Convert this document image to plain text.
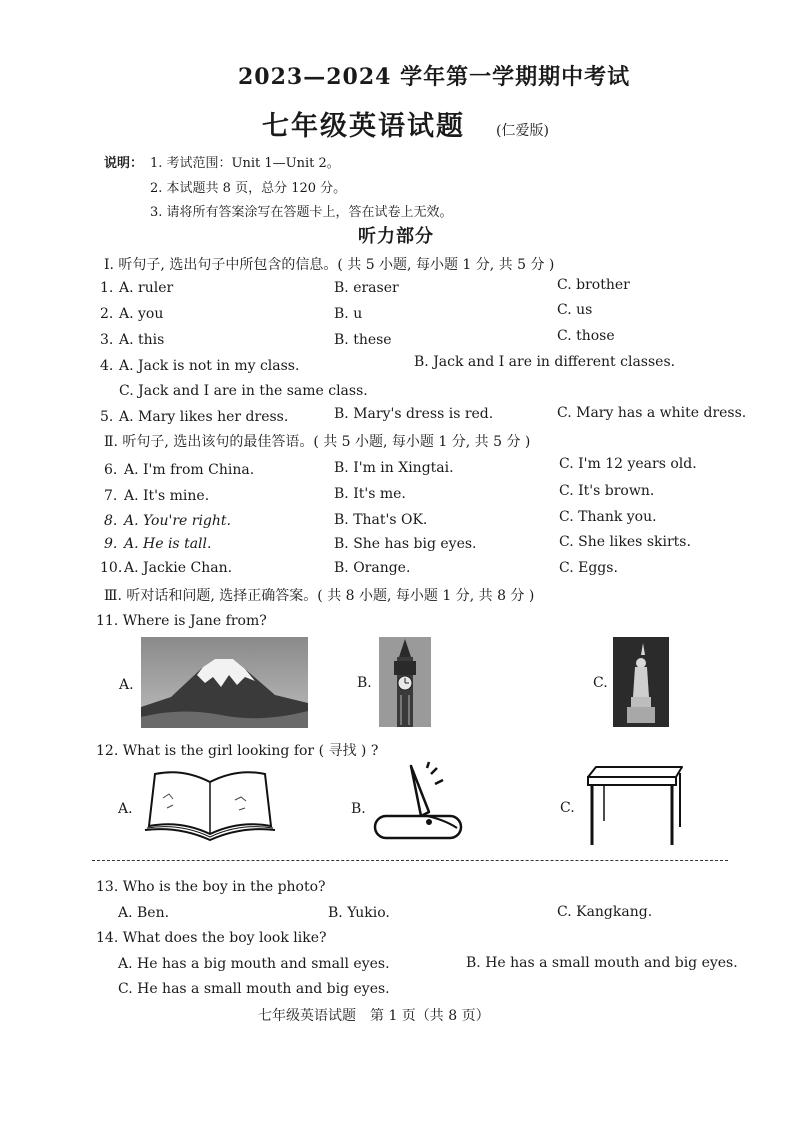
2023—2024 学年第一学期期中考试
七年级英语试题 (仁爱版)
说明： 1. 考试范围：Unit 1—Unit 2。
2. 本试题共 8 页，总分 120 分。
3. 请将所有答案涂写在答题卡上，答在试卷上无效。
听力部分
Ⅰ. 听句子, 选出句子中所包含的信息。( 共 5 小题, 每小题 1 分, 共 5 分 )
1. A. ruler	B. eraser	C. brother
2. A. you	B. u	C. us
3. A. this	B. these	C. those
4. A. Jack is not in my class.	B. Jack and I are in different classes.
C. Jack and I are in the same class.
5. A. Mary likes her dress.	B. Mary's dress is red.	C. Mary has a white dress.
Ⅱ. 听句子, 选出该句的最佳答语。( 共 5 小题, 每小题 1 分, 共 5 分 )
6. A. I'm from China.	B. I'm in Xingtai.	C. I'm 12 years old.
7. A. It's mine.	B. It's me.	C. It's brown.
8. A. You're right.	B. That's OK.	C. Thank you.
9. A. He is tall.	B. She has big eyes.	C. She likes skirts.
10. A. Jackie Chan.	B. Orange.	C. Eggs.
Ⅲ. 听对话和问题, 选择正确答案。( 共 8 小题, 每小题 1 分, 共 8 分 )
11. Where is Jane from?
A.	B.	C.
12. What is the girl looking for ( 寻找 ) ?
A.	B.	C.
13. Who is the boy in the photo?
A. Ben.	B. Yukio.	C. Kangkang.
14. What does the boy look like?
A. He has a big mouth and small eyes.	B. He has a small mouth and big eyes.
C. He has a small mouth and big eyes.
七年级英语试题　第 1 页（共 8 页）
